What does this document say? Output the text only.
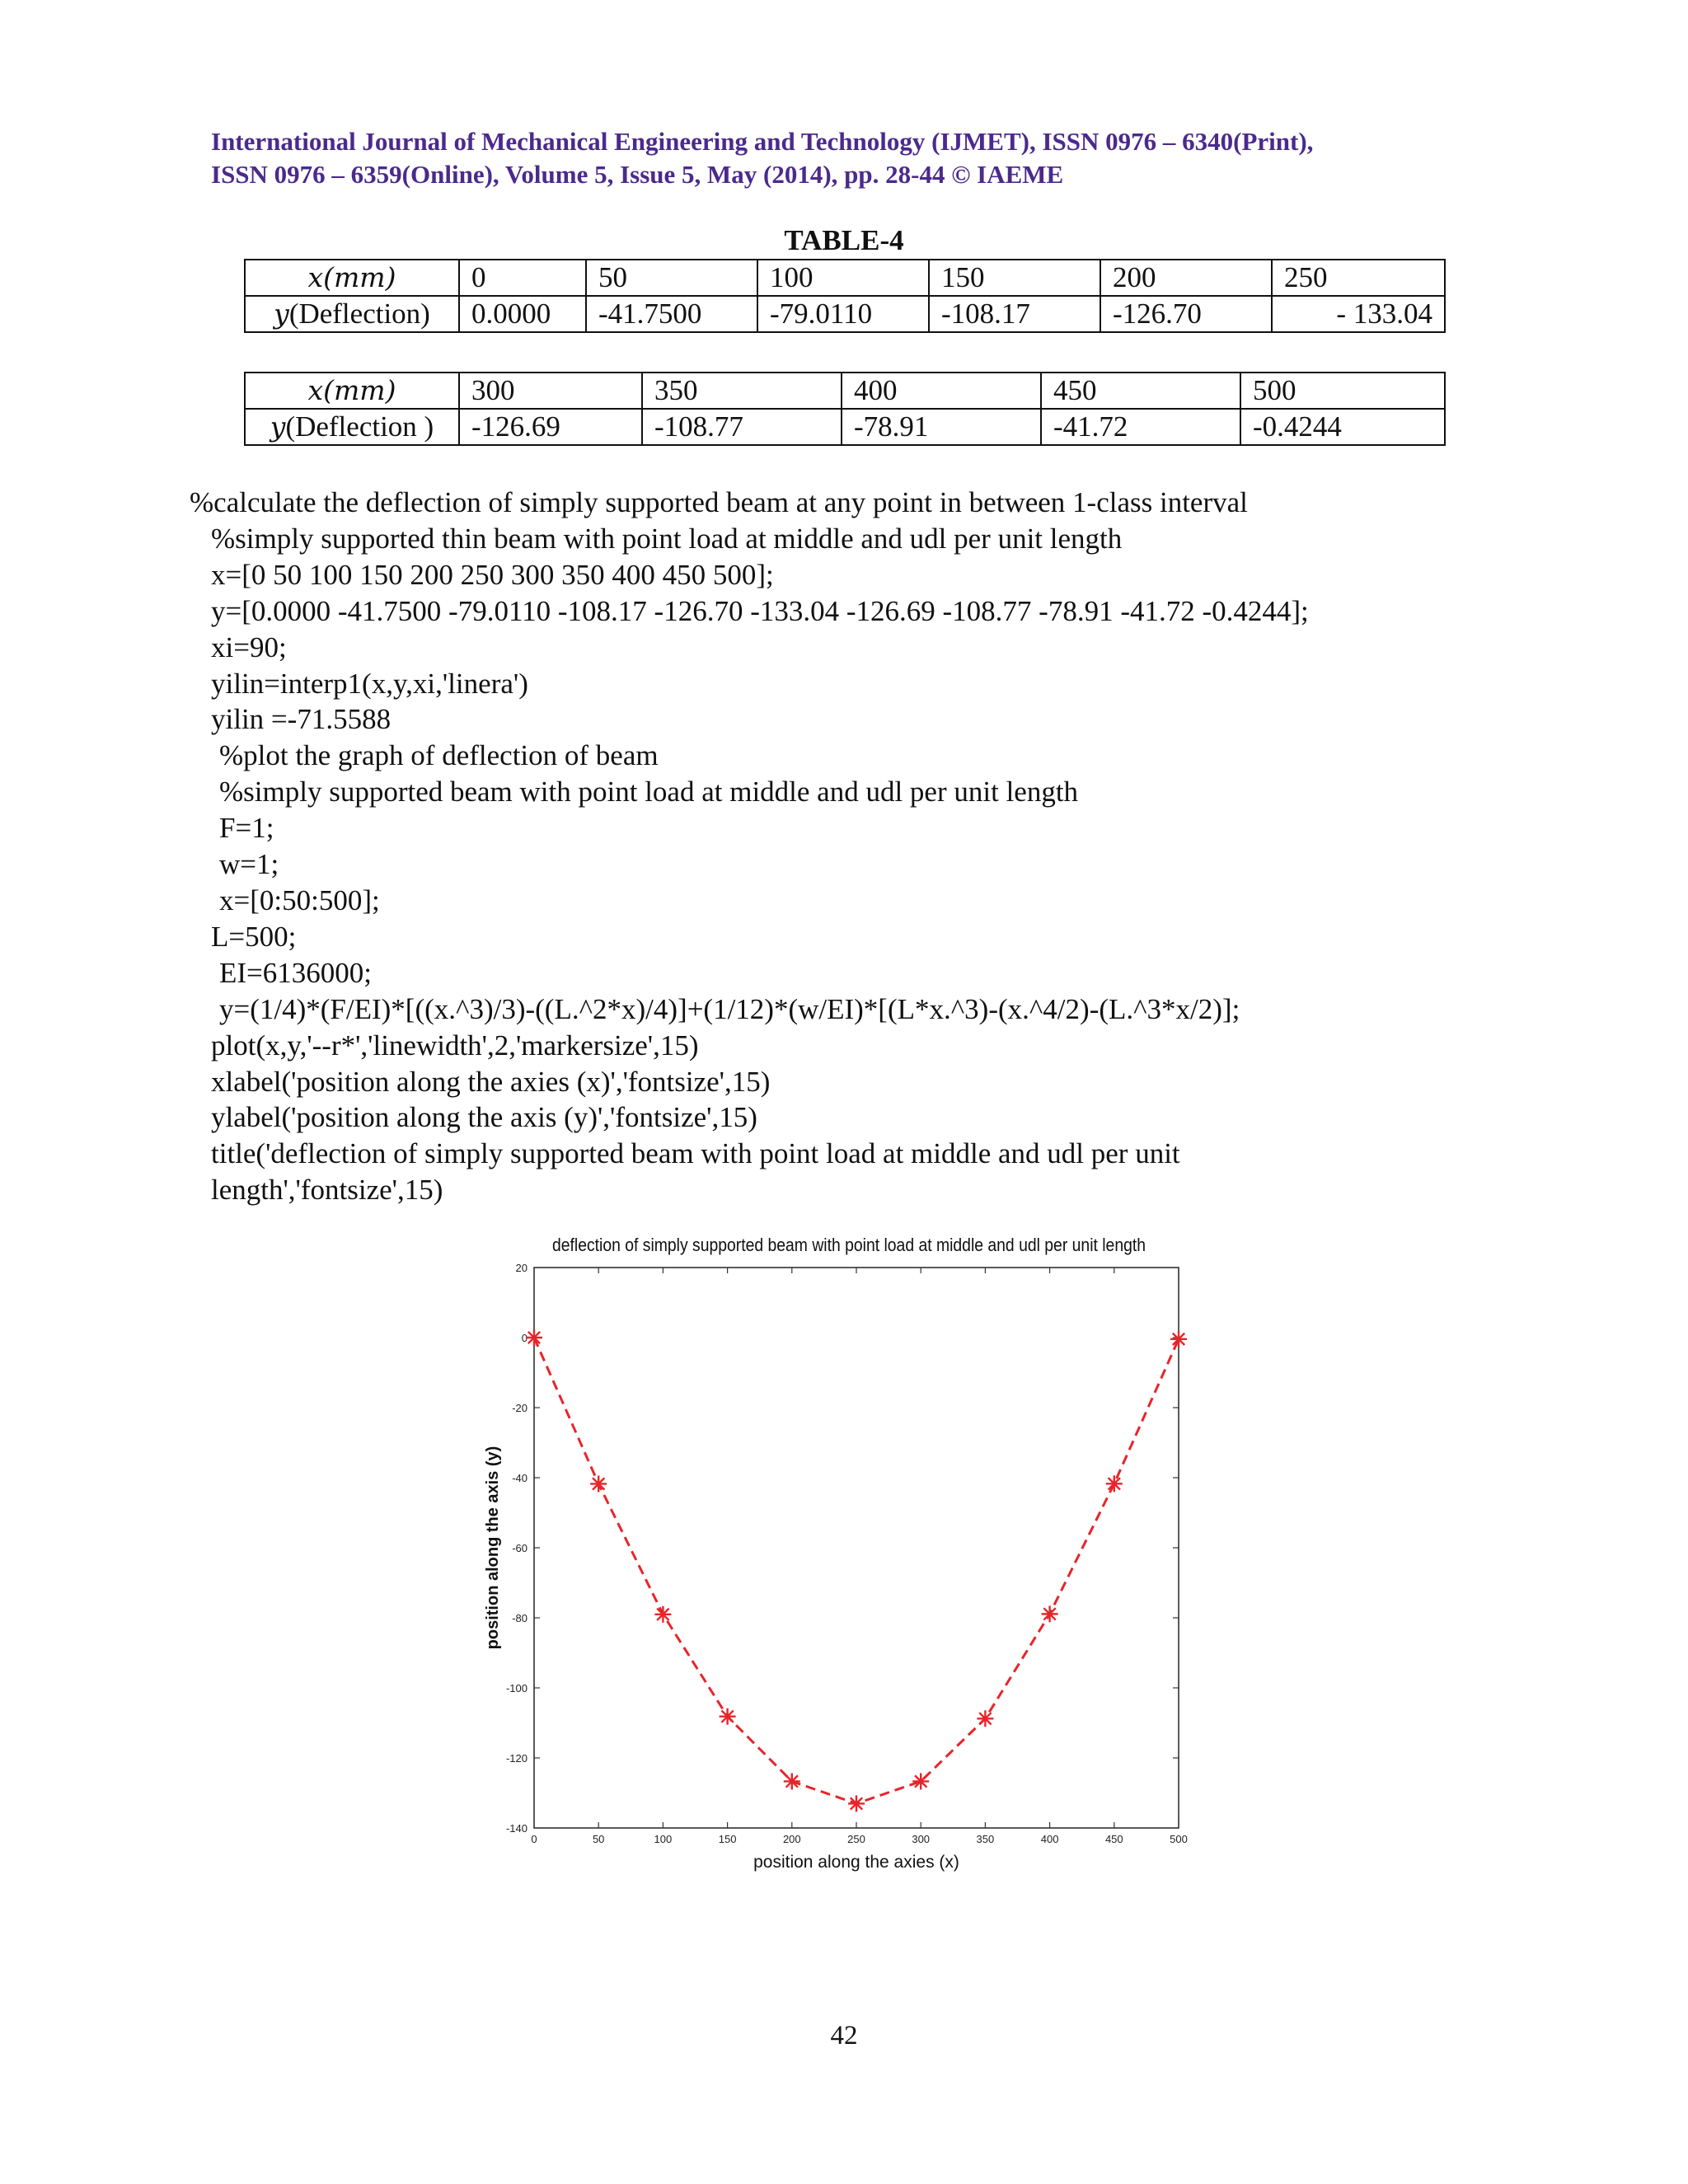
International Journal of Mechanical Engineering and Technology (IJMET), ISSN 0976 – 6340(Print),
ISSN 0976 – 6359(Online), Volume 5, Issue 5, May (2014), pp. 28-44 © IAEME
TABLE-4
x(mm)	0	50	100	150	200	250
y(Deflection)	0.0000	-41.7500	-79.0110	-108.17	-126.70	- 133.04
x(mm)	300	350	400	450	500
y(Deflection )	-126.69	-108.77	-78.91	-41.72	-0.4244
%calculate the deflection of simply supported beam at any point in between 1-class interval
%simply supported thin beam with point load at middle and udl per unit length
x=[0 50 100 150 200 250 300 350 400 450 500];
y=[0.0000 -41.7500 -79.0110 -108.17 -126.70 -133.04 -126.69 -108.77 -78.91 -41.72 -0.4244];
xi=90;
yilin=interp1(x,y,xi,'linera')
yilin =-71.5588
%plot the graph of deflection of beam
%simply supported beam with point load at middle and udl per unit length
F=1;
w=1;
x=[0:50:500];
L=500;
EI=6136000;
y=(1/4)*(F/EI)*[((x.^3)/3)-((L.^2*x)/4)]+(1/12)*(w/EI)*[(L*x.^3)-(x.^4/2)-(L.^3*x/2)];
plot(x,y,'--r*','linewidth',2,'markersize',15)
xlabel('position along the axies (x)','fontsize',15)
ylabel('position along the axis (y)','fontsize',15)
title('deflection of simply supported beam with point load at middle and udl per unit
length','fontsize',15)
deflection of simply supported beam with point load at middle and udl per unit length
0	50	100	150	200	250	300	350	400	450	500
20
0
-20
-40
-60
-80
-100
-120
-140
position along the axies (x)
position along the axis (y)
42
